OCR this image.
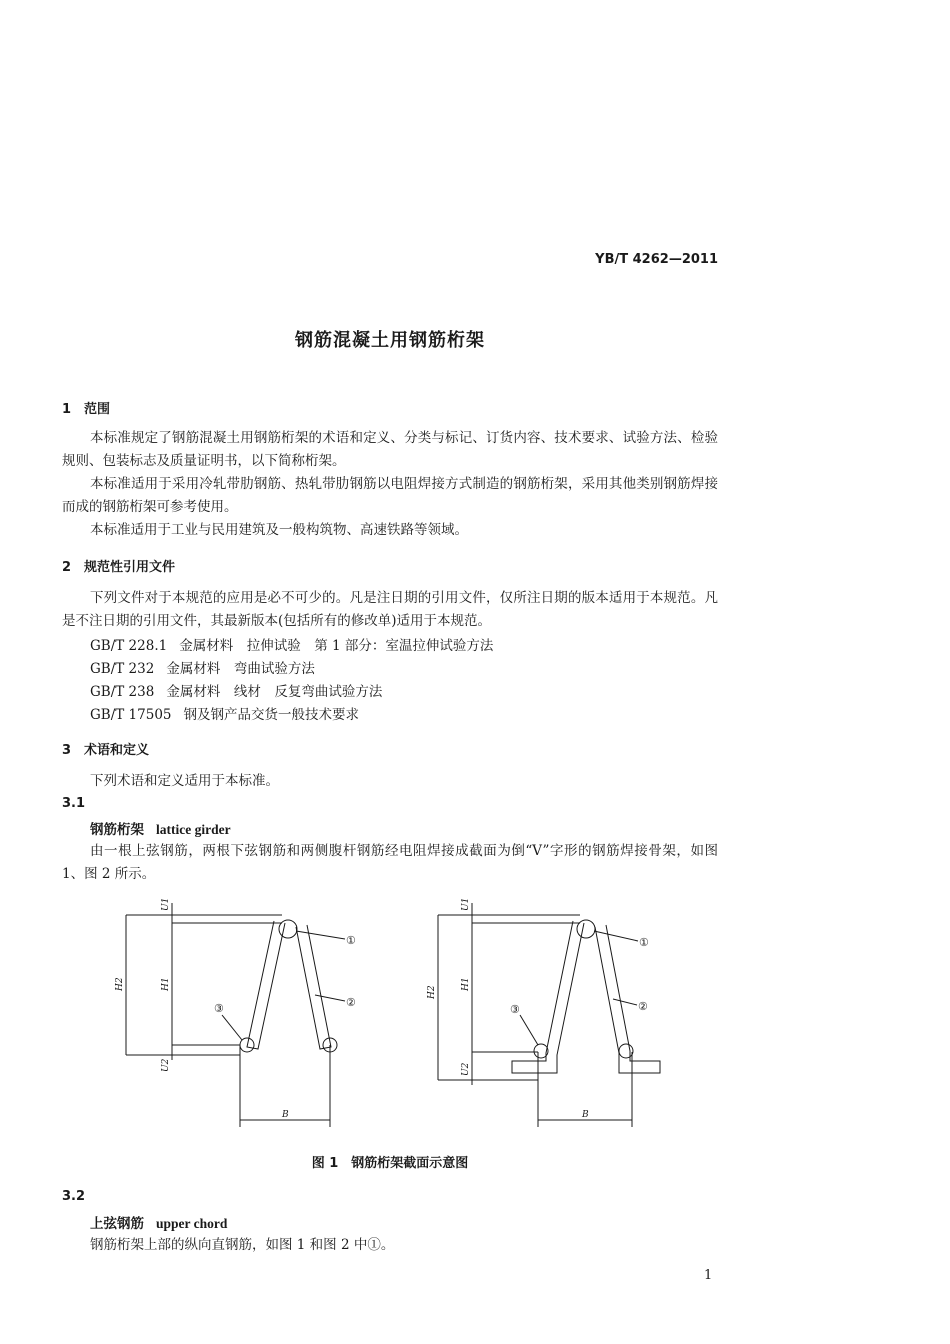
YB/T 4262—2011
钢筋混凝土用钢筋桁架
1 范围
本标准规定了钢筋混凝土用钢筋桁架的术语和定义、分类与标记、订货内容、技术要求、试验方法、检验规则、包装标志及质量证明书，以下简称桁架。
本标准适用于采用冷轧带肋钢筋、热轧带肋钢筋以电阻焊接方式制造的钢筋桁架，采用其他类别钢筋焊接而成的钢筋桁架可参考使用。
本标准适用于工业与民用建筑及一般构筑物、高速铁路等领域。
2 规范性引用文件
下列文件对于本规范的应用是必不可少的。凡是注日期的引用文件，仅所注日期的版本适用于本规范。凡是不注日期的引用文件，其最新版本(包括所有的修改单)适用于本规范。
GB/T 228.1 金属材料　拉伸试验　第 1 部分：室温拉伸试验方法
GB/T 232 金属材料　弯曲试验方法
GB/T 238 金属材料　线材　反复弯曲试验方法
GB/T 17505 钢及钢产品交货一般技术要求
3 术语和定义
下列术语和定义适用于本标准。
3.1
钢筋桁架 lattice girder
由一根上弦钢筋，两根下弦钢筋和两侧腹杆钢筋经电阻焊接成截面为倒“V”字形的钢筋焊接骨架，如图 1、图 2 所示。
U1
H2	H1
U2
B
U1
H2
H1
U2
B
①
②
③
①
②
③
图 1　钢筋桁架截面示意图
3.2
上弦钢筋 upper chord
钢筋桁架上部的纵向直钢筋，如图 1 和图 2 中①。
1
